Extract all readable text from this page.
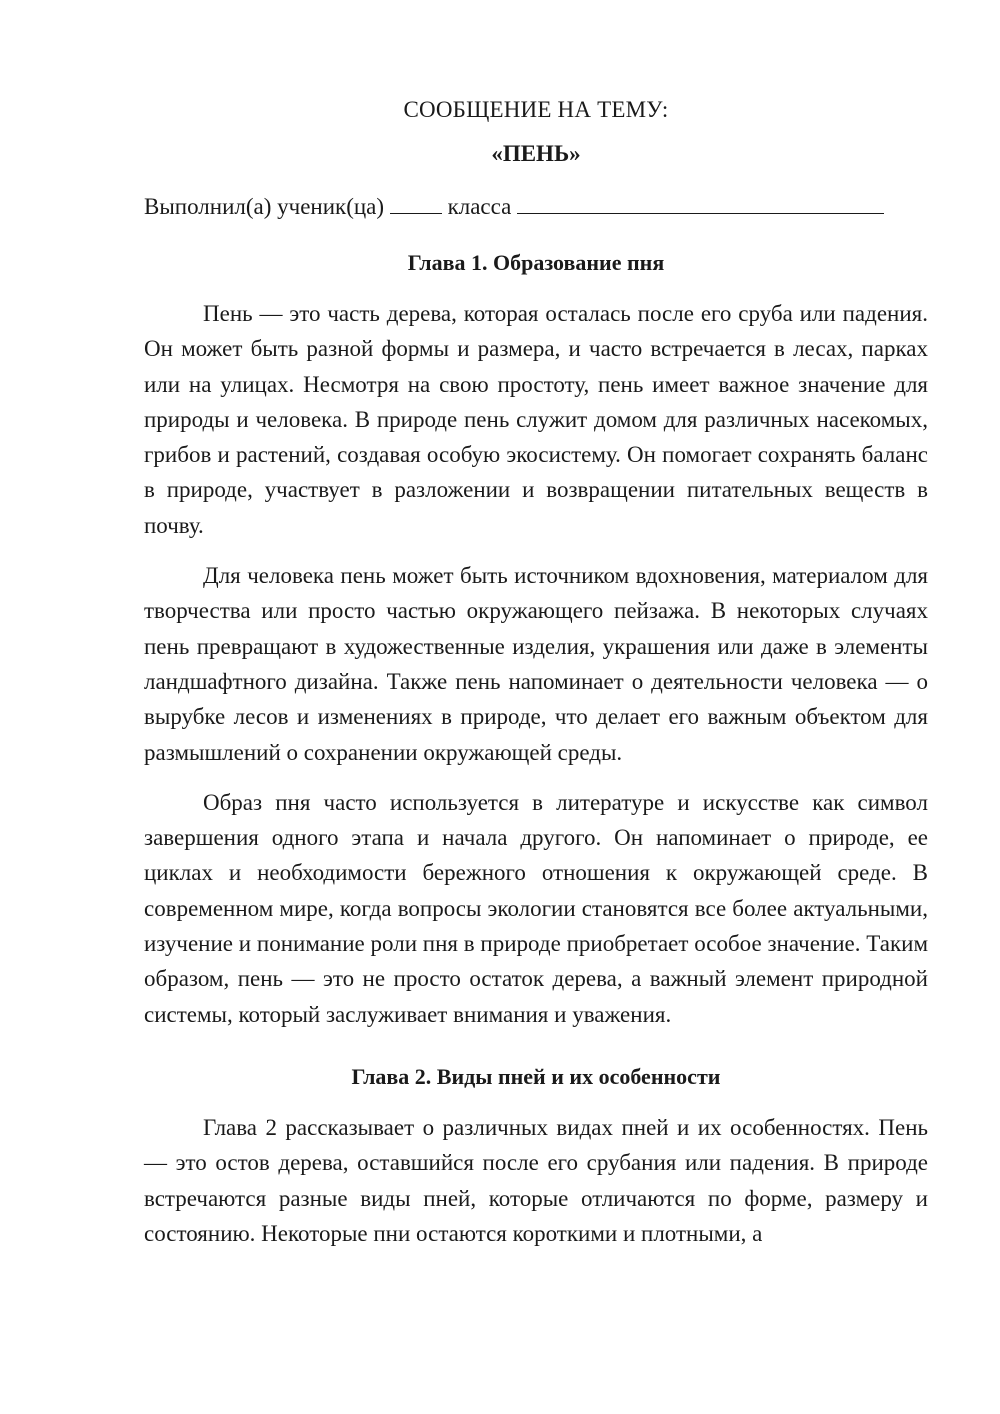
СООБЩЕНИЕ НА ТЕМУ:

«ПЕНЬ»

Выполнил(а) ученик(ца)	класса

Глава 1. Образование пня

Пень — это часть дерева, которая осталась после его сруба или падения. Он может быть разной формы и размера, и часто встречается в лесах, парках или на улицах. Несмотря на свою простоту, пень имеет важное значение для природы и человека. В природе пень служит домом для различных насекомых, грибов и растений, создавая особую экосистему. Он помогает сохранять баланс в природе, участвует в разложении и возвращении питательных веществ в почву.

Для человека пень может быть источником вдохновения, материалом для творчества или просто частью окружающего пейзажа. В некоторых случаях пень превращают в художественные изделия, украшения или даже в элементы ландшафтного дизайна. Также пень напоминает о деятельности человека — о вырубке лесов и изменениях в природе, что делает его важным объектом для размышлений о сохранении окружающей среды.

Образ пня часто используется в литературе и искусстве как символ завершения одного этапа и начала другого. Он напоминает о природе, ее циклах и необходимости бережного отношения к окружающей среде. В современном мире, когда вопросы экологии становятся все более актуальными, изучение и понимание роли пня в природе приобретает особое значение. Таким образом, пень — это не просто остаток дерева, а важный элемент природной системы, который заслуживает внимания и уважения.

Глава 2. Виды пней и их особенности

Глава 2 рассказывает о различных видах пней и их особенностях. Пень — это остов дерева, оставшийся после его срубания или падения. В природе встречаются разные виды пней, которые отличаются по форме, размеру и состоянию. Некоторые пни остаются короткими и плотными, а
